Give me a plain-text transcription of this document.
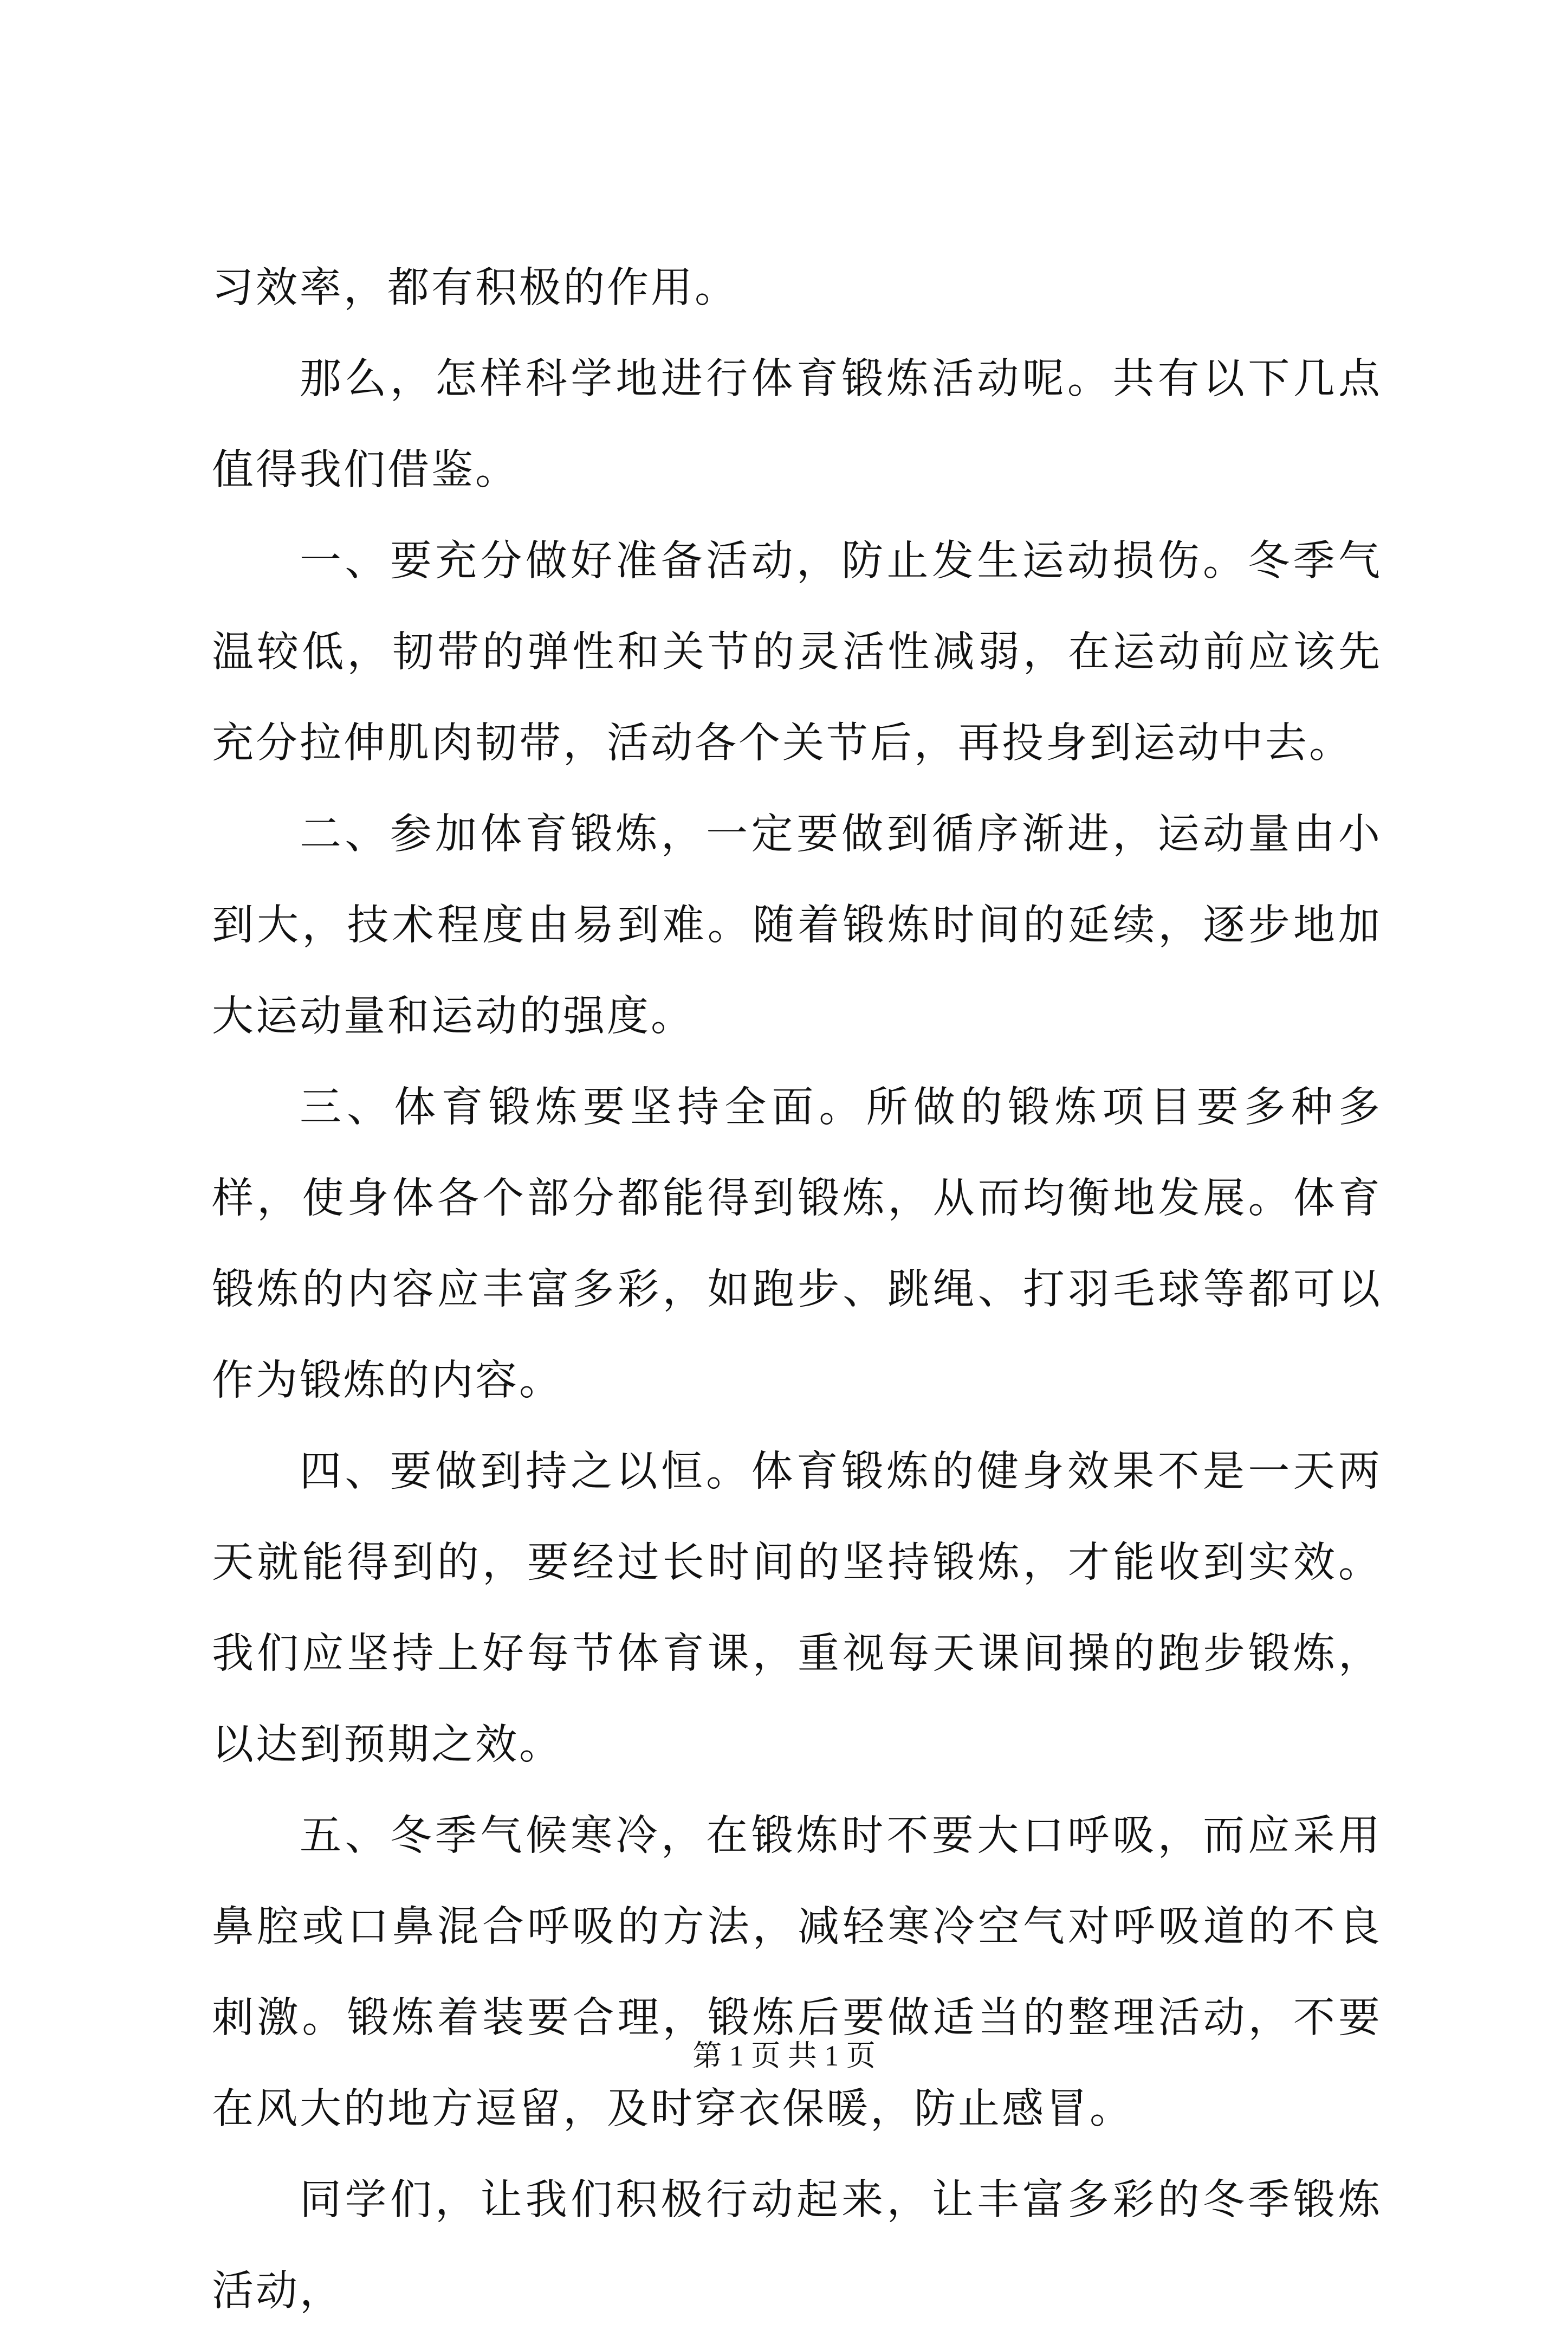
习效率，都有积极的作用。

那么，怎样科学地进行体育锻炼活动呢。共有以下几点值得我们借鉴。

一、要充分做好准备活动，防止发生运动损伤。冬季气温较低，韧带的弹性和关节的灵活性减弱，在运动前应该先充分拉伸肌肉韧带，活动各个关节后，再投身到运动中去。

二、参加体育锻炼，一定要做到循序渐进，运动量由小到大，技术程度由易到难。随着锻炼时间的延续，逐步地加大运动量和运动的强度。

三、体育锻炼要坚持全面。所做的锻炼项目要多种多样，使身体各个部分都能得到锻炼，从而均衡地发展。体育锻炼的内容应丰富多彩，如跑步、跳绳、打羽毛球等都可以作为锻炼的内容。

四、要做到持之以恒。体育锻炼的健身效果不是一天两天就能得到的，要经过长时间的坚持锻炼，才能收到实效。我们应坚持上好每节体育课，重视每天课间操的跑步锻炼，以达到预期之效。

五、冬季气候寒冷，在锻炼时不要大口呼吸，而应采用鼻腔或口鼻混合呼吸的方法，减轻寒冷空气对呼吸道的不良刺激。锻炼着装要合理，锻炼后要做适当的整理活动，不要在风大的地方逗留，及时穿衣保暖，防止感冒。

同学们，让我们积极行动起来，让丰富多彩的冬季锻炼活动，

第 1 页 共 1 页
